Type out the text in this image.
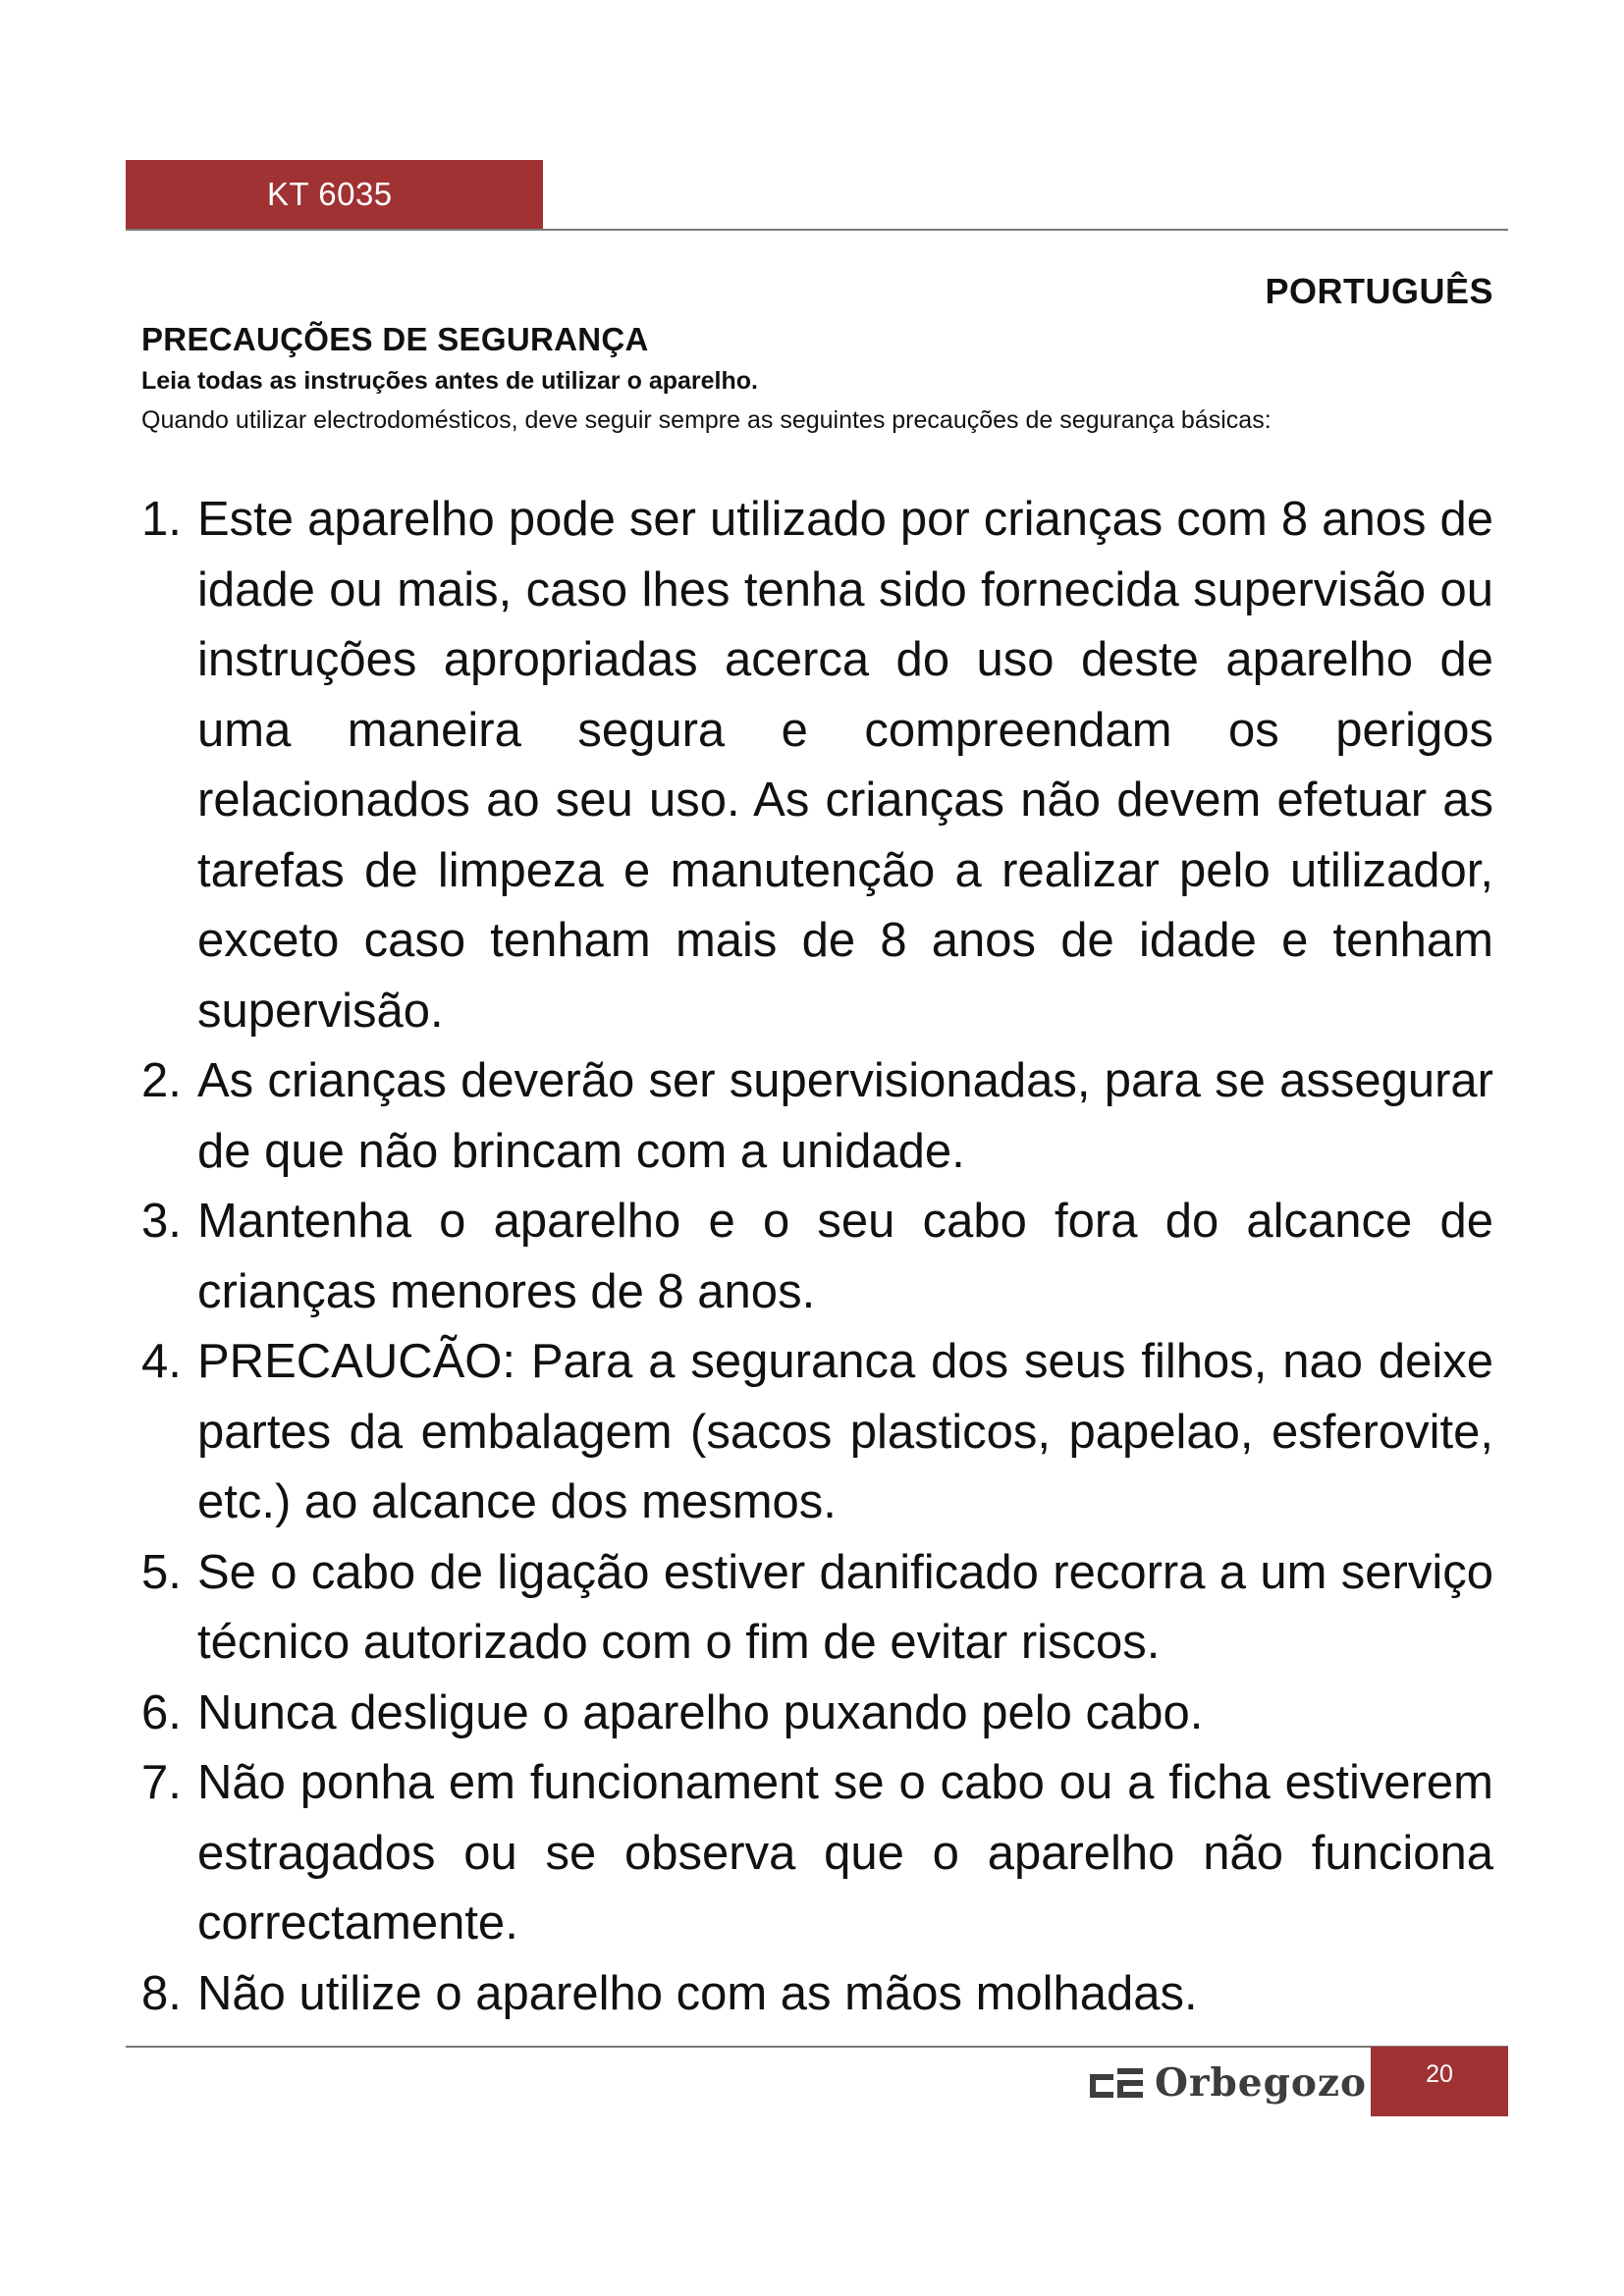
KT 6035
PORTUGUÊS
PRECAUÇÕES DE SEGURANÇA
Leia todas as instruções antes de utilizar o aparelho.
Quando utilizar electrodomésticos, deve seguir sempre as seguintes precauções de segurança básicas:
1. Este aparelho pode ser utilizado por crianças com 8 anos de idade ou mais, caso lhes tenha sido fornecida supervisão ou instruções apropriadas acerca do uso deste aparelho de uma maneira segura e compreendam os perigos relacionados ao seu uso. As crianças não devem efetuar as tarefas de limpeza e manutenção a realizar pelo utilizador, exceto caso tenham mais de 8 anos de idade e tenham supervisão.
2. As crianças deverão ser supervisionadas, para se assegurar de que não brincam com a unidade.
3. Mantenha o aparelho e o seu cabo fora do alcance de crianças menores de 8 anos.
4. PRECAUCÃO: Para a seguranca dos seus filhos, nao deixe partes da embalagem (sacos plasticos, papelao, esferovite, etc.) ao alcance dos mesmos.
5. Se o cabo de ligação estiver danificado recorra a um serviço técnico autorizado com o fim de evitar riscos.
6. Nunca desligue o aparelho puxando pelo cabo.
7. Não ponha em funcionament se o cabo ou a ficha estiverem estragados ou se observa que o aparelho não funciona correctamente.
8. Não utilize o aparelho com as mãos molhadas.
Orbegozo 20
